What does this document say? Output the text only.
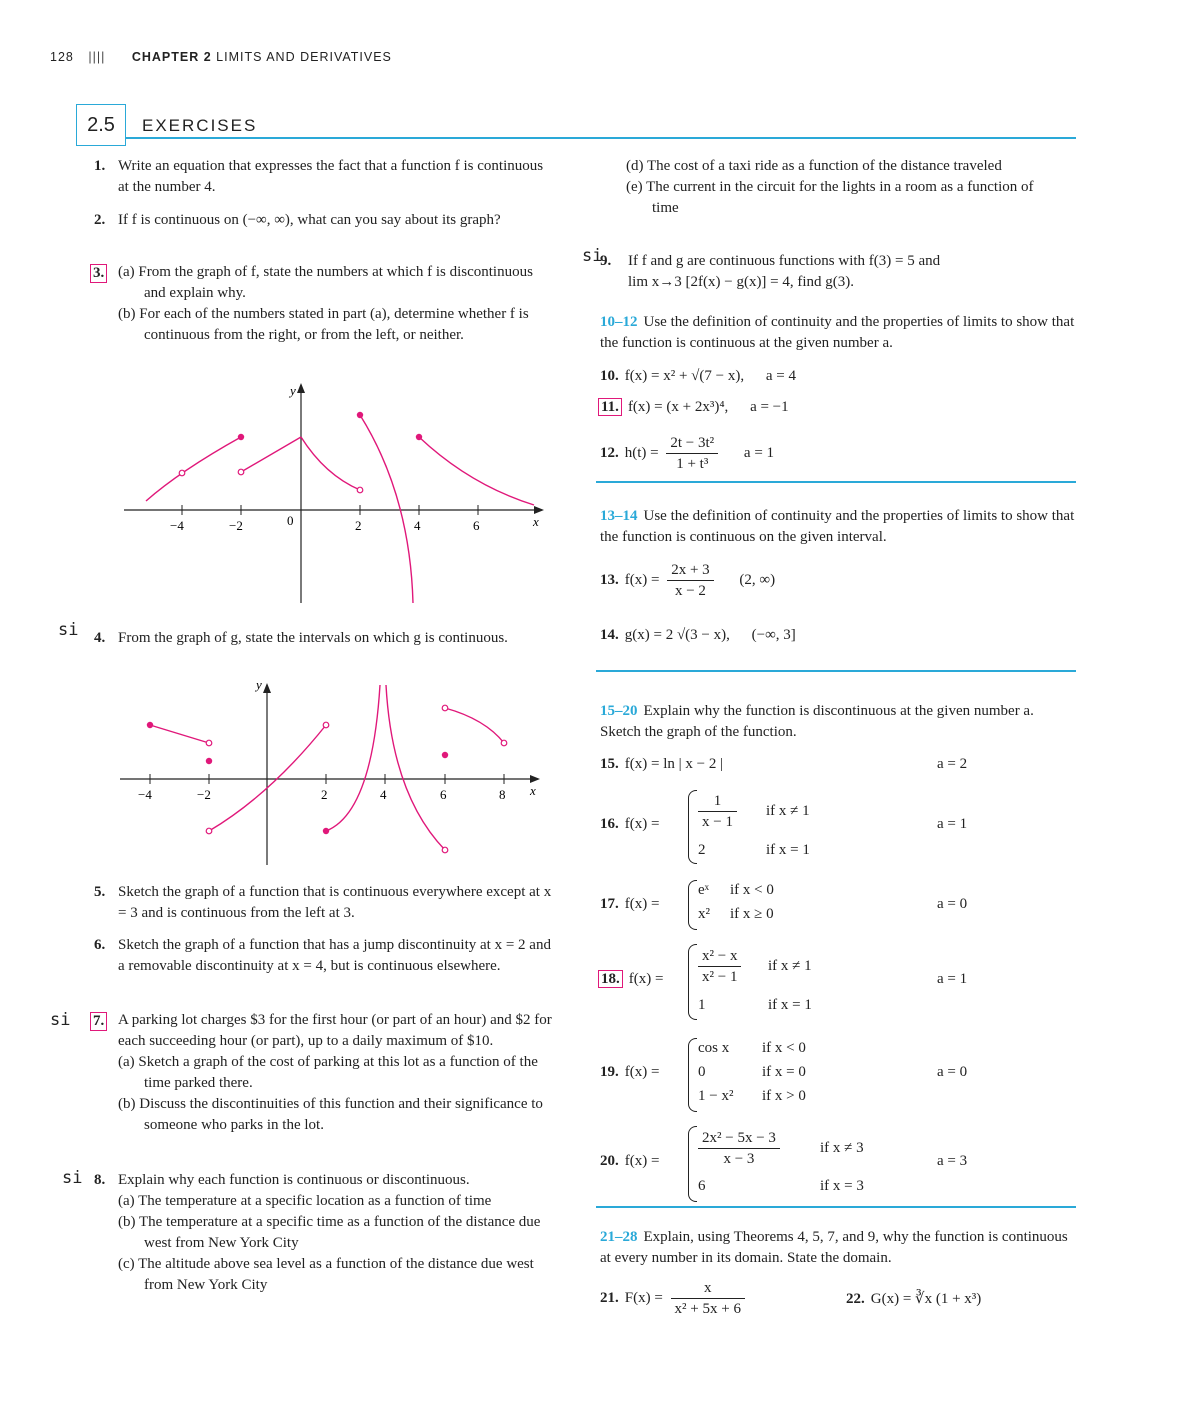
128 |||| CHAPTER 2 LIMITS AND DERIVATIVES
2.5	EXERCISES
1. Write an equation that expresses the fact that a function f is continuous at the number 4.
2. If f is continuous on (−∞, ∞), what can you say about its graph?
3. (a) From the graph of f, state the numbers at which f is discontinuous and explain why.
(b) For each of the numbers stated in part (a), determine whether f is continuous from the right, or from the left, or neither.
y
x
−4	−2	0	2	4	6
si 4. From the graph of g, state the intervals on which g is continuous.
y
x
−4	−2	2	4	6	8
5. Sketch the graph of a function that is continuous everywhere except at x = 3 and is continuous from the left at 3.
6. Sketch the graph of a function that has a jump discontinuity at x = 2 and a removable discontinuity at x = 4, but is continuous elsewhere.
si 7. A parking lot charges $3 for the first hour (or part of an hour) and $2 for each succeeding hour (or part), up to a daily maximum of $10.
(a) Sketch a graph of the cost of parking at this lot as a function of the time parked there.
(b) Discuss the discontinuities of this function and their significance to someone who parks in the lot.
si 8. Explain why each function is continuous or discontinuous.
(a) The temperature at a specific location as a function of time
(b) The temperature at a specific time as a function of the distance due west from New York City
(c) The altitude above sea level as a function of the distance due west from New York City
(d) The cost of a taxi ride as a function of the distance traveled
(e) The current in the circuit for the lights in a room as a function of time
si
9.	If f and g are continuous functions with f(3) = 5 and
lim x→3 [2f(x) − g(x)] = 4, find g(3).
10–12 Use the definition of continuity and the properties of limits to show that the function is continuous at the given number a.
10. f(x) = x² + √(7 − x), a = 4
11. f(x) = (x + 2x³)⁴, a = −1
12. $h(t) = \frac{\text{2t − 3t²}}{\text{1 + t³}}$ a = 1
13–14 Use the definition of continuity and the properties of limits to show that the function is continuous on the given interval.
13. $f(x) = \frac{2x + 3}{x - 2} (2$, ∞)
14. g(x) = 2 √(3 − x), (−∞, 3]
15–20 Explain why the function is discontinuous at the given number a. Sketch the graph of the function.
15. f(x) = ln | x − 2 |	a = 2
16. f(x) =	$\frac{1}{x - 1}$ if x ≠ 1
2	if x = 1
a = 1
17. f(x) =
eˣ if x < 0
x² if x ≥ 0
a = 0
18. $f(x) = \frac{\text{x² − x}}{\text{x² − 1}}$ if x ≠ 1
1	if x = 1
a = 1
19. f(x) =
cos x if x < 0
0	if x = 0
1 − x² if x > 0
a = 0
20. f(x) =	$\frac{\text{2x² − 5x − 3}}{x - 3}$	if x ≠ 3
6	if x = 3
a = 3
21–28 Explain, using Theorems 4, 5, 7, and 9, why the function is continuous at every number in its domain. State the domain.
21. $F(x) = \frac{x}{\text{x² + 5x + 6}}$	22. G(x) = ∛x (1 + x³)
